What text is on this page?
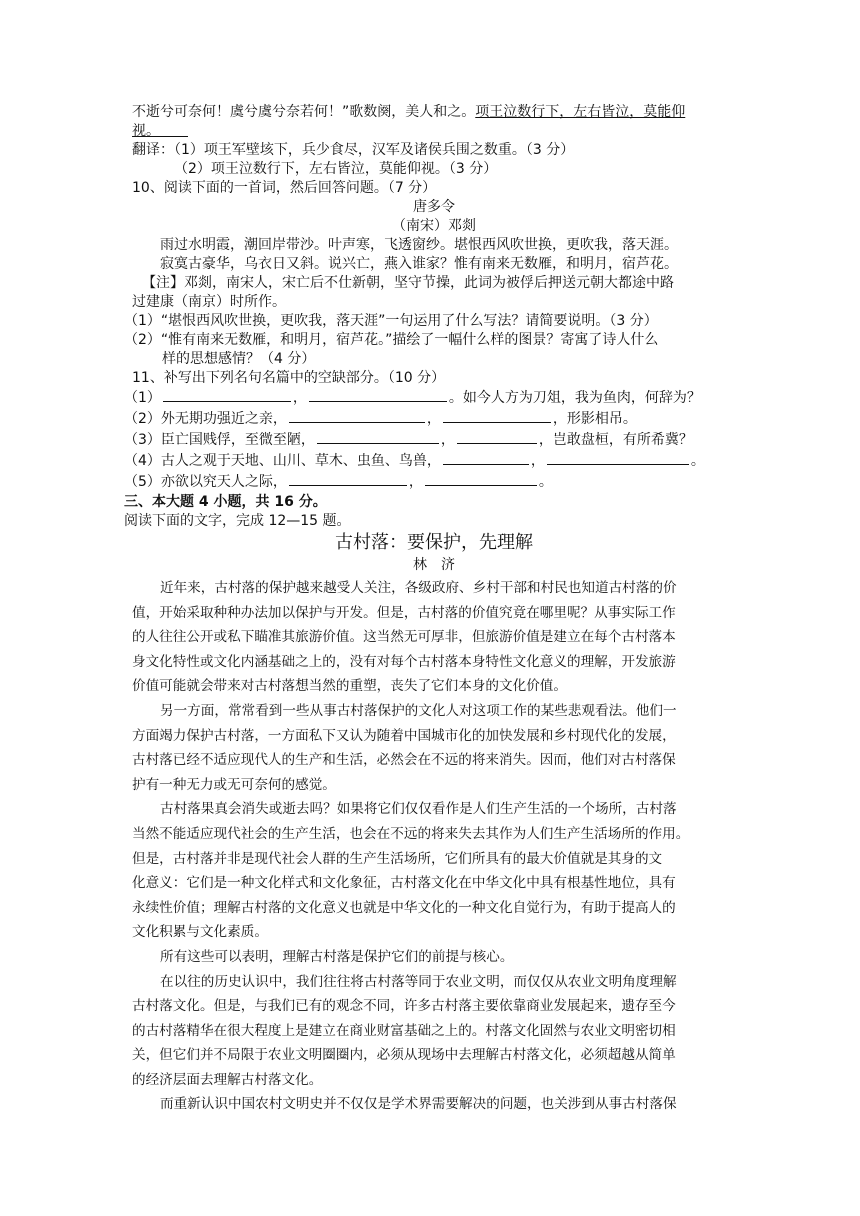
不逝兮可奈何！虞兮虞兮奈若何！”歌数阕，美人和之。项王泣数行下，左右皆泣，莫能仰
视。  
翻译：（1）项王军壁垓下，兵少食尽，汉军及诸侯兵围之数重。（3 分）
（2）项王泣数行下，左右皆泣，莫能仰视。（3 分）
10、阅读下面的一首词，然后回答问题。（7 分）
唐多令
（南宋）邓剡
雨过水明霞，潮回岸带沙。叶声寒，飞透窗纱。堪恨西风吹世换，更吹我，落天涯。
寂寞古豪华，乌衣日又斜。说兴亡，燕入谁家？惟有南来无数雁，和明月，宿芦花。
【注】邓剡，南宋人，宋亡后不仕新朝，坚守节操，此词为被俘后押送元朝大都途中路
过建康（南京）时所作。
（1）“堪恨西风吹世换，更吹我，落天涯”一句运用了什么写法？请简要说明。（3 分）
（2）“惟有南来无数雁，和明月，宿芦花。”描绘了一幅什么样的图景？寄寓了诗人什么
样的思想感情？（4 分）
11、补写出下列名句名篇中的空缺部分。（10 分）
（1）	，	。如今人方为刀俎，我为鱼肉，何辞为？
（2）外无期功强近之亲，	，	，形影相吊。
（3）臣亡国贱俘，至微至陋，	，	，岂敢盘桓，有所希冀？
（4）古人之观于天地、山川、草木、虫鱼、鸟兽，	，	。
（5）亦欲以究天人之际，	，	。
三、本大题 4 小题，共 16 分。
阅读下面的文字，完成 12—15 题。
古村落：要保护，先理解
林　济
近年来，古村落的保护越来越受人关注，各级政府、乡村干部和村民也知道古村落的价
值，开始采取种种办法加以保护与开发。但是，古村落的价值究竟在哪里呢？从事实际工作
的人往往公开或私下瞄准其旅游价值。这当然无可厚非，但旅游价值是建立在每个古村落本
身文化特性或文化内涵基础之上的，没有对每个古村落本身特性文化意义的理解，开发旅游
价值可能就会带来对古村落想当然的重塑，丧失了它们本身的文化价值。
另一方面，常常看到一些从事古村落保护的文化人对这项工作的某些悲观看法。他们一
方面竭力保护古村落，一方面私下又认为随着中国城市化的加快发展和乡村现代化的发展，
古村落已经不适应现代人的生产和生活，必然会在不远的将来消失。因而，他们对古村落保
护有一种无力或无可奈何的感觉。
古村落果真会消失或逝去吗？如果将它们仅仅看作是人们生产生活的一个场所，古村落
当然不能适应现代社会的生产生活，也会在不远的将来失去其作为人们生产生活场所的作用。
但是，古村落并非是现代社会人群的生产生活场所，它们所具有的最大价值就是其身的文
化意义：它们是一种文化样式和文化象征，古村落文化在中华文化中具有根基性地位，具有
永续性价值；理解古村落的文化意义也就是中华文化的一种文化自觉行为，有助于提高人的
文化积累与文化素质。
所有这些可以表明，理解古村落是保护它们的前提与核心。
在以往的历史认识中，我们往往将古村落等同于农业文明，而仅仅从农业文明角度理解
古村落文化。但是，与我们已有的观念不同，许多古村落主要依靠商业发展起来，遗存至今
的古村落精华在很大程度上是建立在商业财富基础之上的。村落文化固然与农业文明密切相
关，但它们并不局限于农业文明圈圈内，必须从现场中去理解古村落文化，必须超越从简单
的经济层面去理解古村落文化。
而重新认识中国农村文明史并不仅仅是学术界需要解决的问题，也关涉到从事古村落保
